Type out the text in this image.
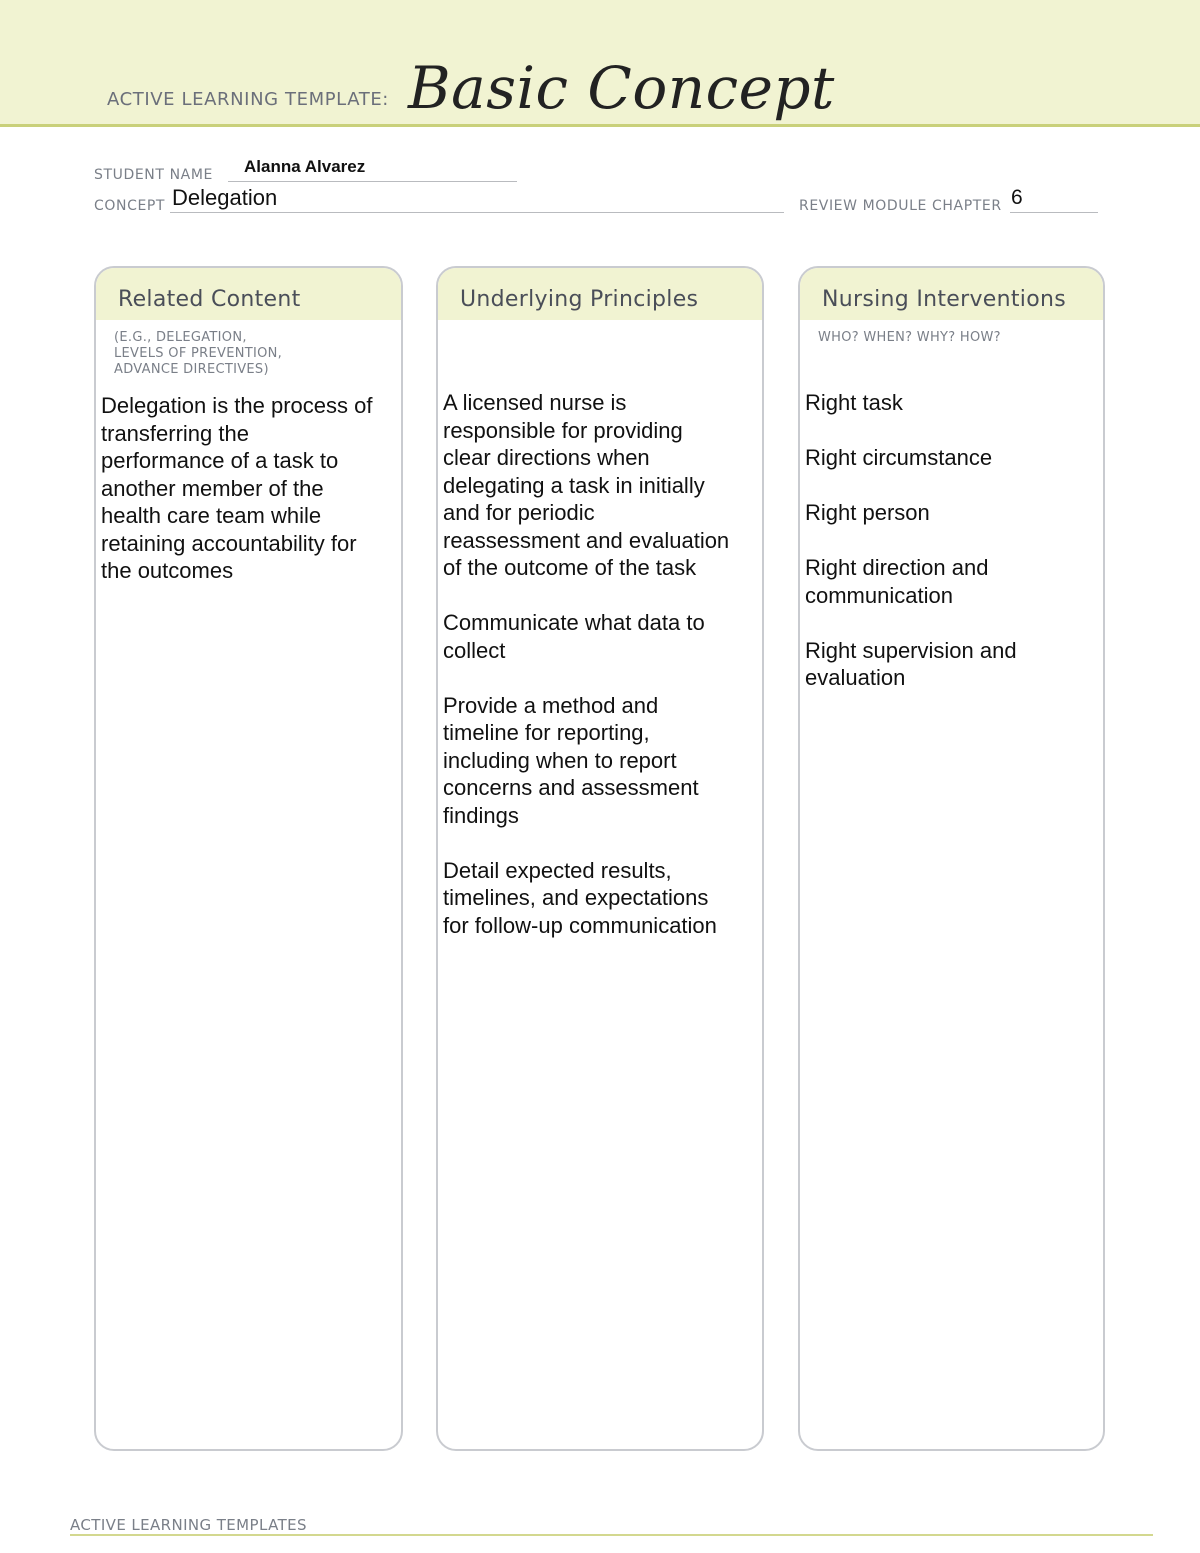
ACTIVE LEARNING TEMPLATE: Basic Concept
STUDENT NAME Alanna Alvarez
CONCEPT Delegation	REVIEW MODULE CHAPTER 6
Related Content
(E.G., DELEGATION,
LEVELS OF PREVENTION,
ADVANCE DIRECTIVES)
Delegation is the process of
transferring the
performance of a task to
another member of the
health care team while
retaining accountability for
the outcomes
Underlying Principles
A licensed nurse is
responsible for providing
clear directions when
delegating a task in initially
and for periodic
reassessment and evaluation
of the outcome of the task
Communicate what data to
collect
Provide a method and
timeline for reporting,
including when to report
concerns and assessment
findings
Detail expected results,
timelines, and expectations
for follow-up communication
Nursing Interventions
WHO? WHEN? WHY? HOW?
Right task
Right circumstance
Right person
Right direction and
communication
Right supervision and
evaluation
ACTIVE LEARNING TEMPLATES
